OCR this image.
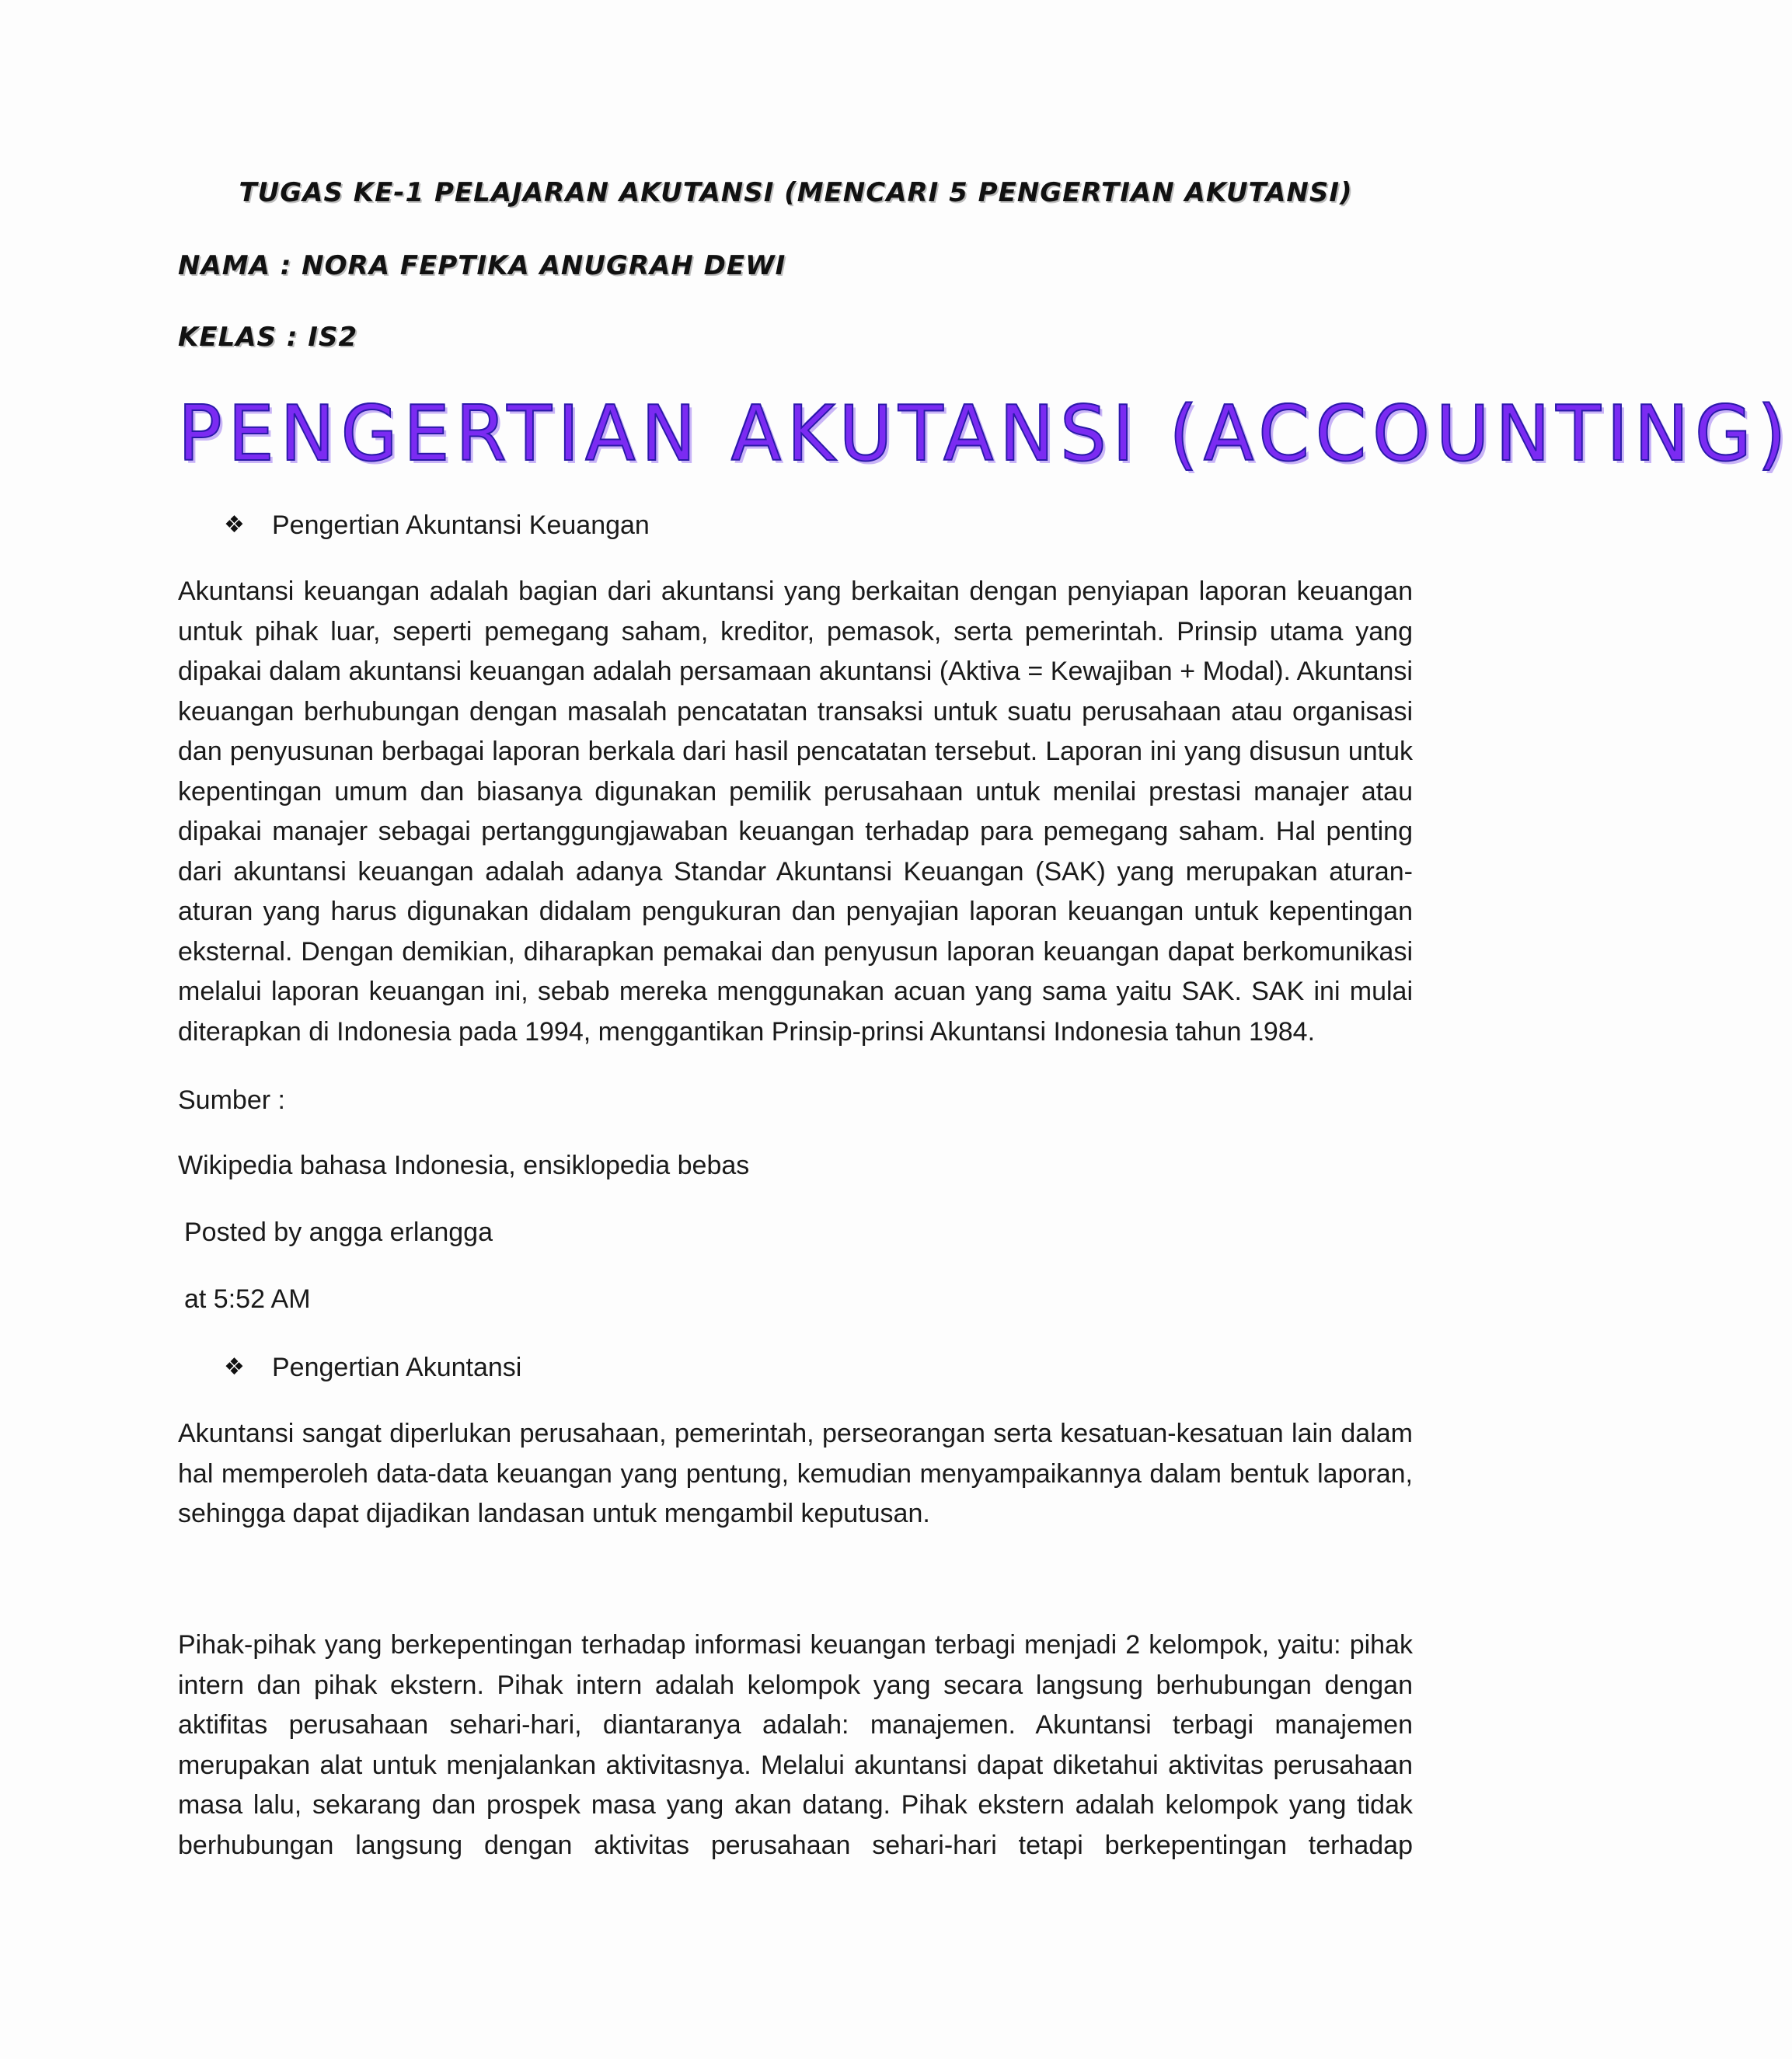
TUGAS KE-1 PELAJARAN AKUTANSI (MENCARI 5 PENGERTIAN AKUTANSI)
NAMA : NORA FEPTIKA ANUGRAH DEWI
KELAS : IS2
PENGERTIAN AKUTANSI (ACCOUNTING)
❖	Pengertian Akuntansi Keuangan
Akuntansi keuangan adalah bagian dari akuntansi yang berkaitan dengan penyiapan laporan keuangan untuk pihak luar, seperti pemegang saham, kreditor, pemasok, serta pemerintah. Prinsip utama yang dipakai dalam akuntansi keuangan adalah persamaan akuntansi (Aktiva = Kewajiban + Modal). Akuntansi keuangan berhubungan dengan masalah pencatatan transaksi untuk suatu perusahaan atau organisasi dan penyusunan berbagai laporan berkala dari hasil pencatatan tersebut. Laporan ini yang disusun untuk kepentingan umum dan biasanya digunakan pemilik perusahaan untuk menilai prestasi manajer atau dipakai manajer sebagai pertanggungjawaban keuangan terhadap para pemegang saham. Hal penting dari akuntansi keuangan adalah adanya Standar Akuntansi Keuangan (SAK) yang merupakan aturan-aturan yang harus digunakan didalam pengukuran dan penyajian laporan keuangan untuk kepentingan eksternal. Dengan demikian, diharapkan pemakai dan penyusun laporan keuangan dapat berkomunikasi melalui laporan keuangan ini, sebab mereka menggunakan acuan yang sama yaitu SAK. SAK ini mulai diterapkan di Indonesia pada 1994, menggantikan Prinsip-prinsi Akuntansi Indonesia tahun 1984.
Sumber :
Wikipedia bahasa Indonesia, ensiklopedia bebas
Posted by angga erlangga
at 5:52 AM
❖	Pengertian Akuntansi
Akuntansi sangat diperlukan perusahaan, pemerintah, perseorangan serta kesatuan-kesatuan lain dalam hal memperoleh data-data keuangan yang pentung, kemudian menyampaikannya dalam bentuk laporan, sehingga dapat dijadikan landasan untuk mengambil keputusan.
Pihak-pihak yang berkepentingan terhadap informasi keuangan terbagi menjadi 2 kelompok, yaitu: pihak intern dan pihak ekstern. Pihak intern adalah kelompok yang secara langsung berhubungan dengan aktifitas perusahaan sehari-hari, diantaranya adalah: manajemen. Akuntansi terbagi manajemen merupakan alat untuk menjalankan aktivitasnya. Melalui akuntansi dapat diketahui aktivitas perusahaan masa lalu, sekarang dan prospek masa yang akan datang. Pihak ekstern adalah kelompok yang tidak berhubungan langsung dengan aktivitas perusahaan sehari-hari tetapi berkepentingan terhadap
